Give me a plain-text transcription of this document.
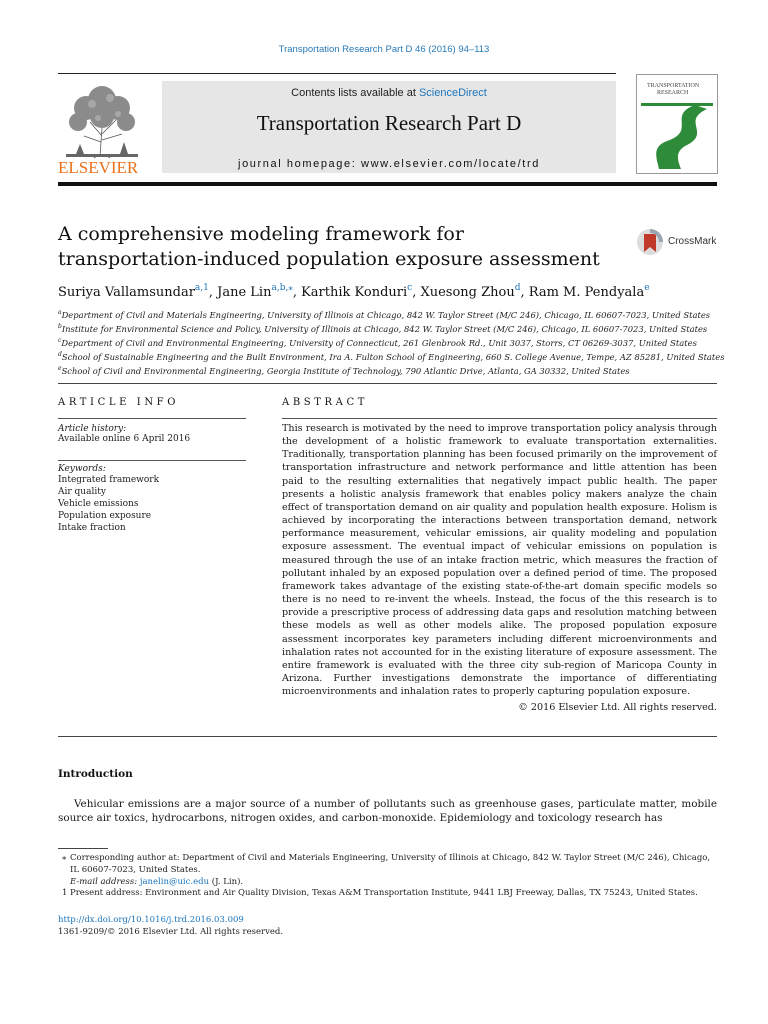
Transportation Research Part D 46 (2016) 94–113
ELSEVIER
Contents lists available at ScienceDirect
Transportation Research Part D
journal homepage: www.elsevier.com/locate/trd
TRANSPORTATION
RESEARCH
A comprehensive modeling framework for
transportation-induced population exposure assessment
CrossMark
Suriya Vallamsundar$^{a,1}$, Jane Lin$^{a,b,⁎}$, Karthik Konduri$^c$, Xuesong Zhou$^d$, Ram M. Pendyala$^e$
$^a$Department of Civil and Materials Engineering, University of Illinois at Chicago, 842 W. Taylor Street (M/C 246), Chicago, IL 60607-7023, United States
$^b$Institute for Environmental Science and Policy, University of Illinois at Chicago, 842 W. Taylor Street (M/C 246), Chicago, IL 60607-7023, United States
$^c$Department of Civil and Environmental Engineering, University of Connecticut, 261 Glenbrook Rd., Unit 3037, Storrs, CT 06269-3037, United States
$^d$School of Sustainable Engineering and the Built Environment, Ira A. Fulton School of Engineering, 660 S. College Avenue, Tempe, AZ 85281, United States
$^e$School of Civil and Environmental Engineering, Georgia Institute of Technology, 790 Atlantic Drive, Atlanta, GA 30332, United States
ARTICLE INFO
Article history:
Available online 6 April 2016
Keywords:
Integrated framework
Air quality
Vehicle emissions
Population exposure
Intake fraction
ABSTRACT

This research is motivated by the need to improve transportation policy analysis through the development of a holistic framework to evaluate transportation externalities. Traditionally, transportation planning has been focused primarily on the improvement of transportation infrastructure and network performance and little attention has been paid to the resulting externalities that negatively impact public health. The paper presents a holistic analysis framework that enables policy makers analyze the chain effect of transportation demand on air quality and population health exposure. Holism is achieved by incorporating the interactions between transportation demand, network performance measurement, vehicular emissions, air quality modeling and population exposure assessment. The eventual impact of vehicular emissions on population is measured through the use of an intake fraction metric, which measures the fraction of pollutant inhaled by an exposed population over a defined period of time. The proposed framework takes advantage of the existing state-of-the-art domain specific models so there is no need to re-invent the wheels. Instead, the focus of the this research is to provide a prescriptive process of addressing data gaps and resolution matching between these models as well as other models alike. The proposed population exposure assessment incorporates key parameters including different microenvironments and inhalation rates not accounted for in the existing literature of exposure assessment. The entire framework is evaluated with the three city sub-region of Maricopa County in Arizona. Further investigations demonstrate the importance of differentiating microenvironments and inhalation rates to properly capturing population exposure.

© 2016 Elsevier Ltd. All rights reserved.
Introduction

Vehicular emissions are a major source of a number of pollutants such as greenhouse gases, particulate matter, mobile source air toxics, hydrocarbons, nitrogen oxides, and carbon-monoxide. Epidemiology and toxicology research has

⁎ Corresponding author at: Department of Civil and Materials Engineering, University of Illinois at Chicago, 842 W. Taylor Street (M/C 246), Chicago, IL 60607-7023, United States.
E-mail address: janelin@uic.edu (J. Lin).
1 Present address: Environment and Air Quality Division, Texas A&M Transportation Institute, 9441 LBJ Freeway, Dallas, TX 75243, United States.
http://dx.doi.org/10.1016/j.trd.2016.03.009
1361-9209/© 2016 Elsevier Ltd. All rights reserved.
